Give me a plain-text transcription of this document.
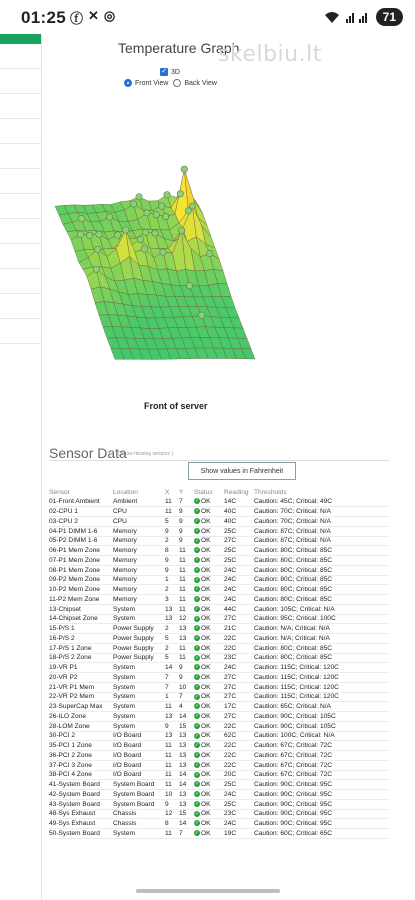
01:25 ⓕ ✕ ◎	71
Temperature Graph
skelbiu.lt
✓ 3D
Front View Back View
Front of server
Sensor Data
( show missing sensors )
Show values in Fahrenheit
Sensor	Location	X	Y	Status	Reading	Thresholds
01-Front Ambient	Ambient	11	7	✓ OK	14C	Caution: 45C; Critical: 49C
02-CPU 1	CPU	11	9	✓ OK	40C	Caution: 70C; Critical: N/A
03-CPU 2	CPU	5	9	✓ OK	40C	Caution: 70C; Critical: N/A
04-P1 DIMM 1-6	Memory	9	9	✓ OK	25C	Caution: 87C; Critical: N/A
05-P2 DIMM 1-6	Memory	2	9	✓ OK	27C	Caution: 87C; Critical: N/A
06-P1 Mem Zone	Memory	8	11	✓ OK	25C	Caution: 80C; Critical: 85C
07-P1 Mem Zone	Memory	9	11	✓ OK	25C	Caution: 80C; Critical: 85C
08-P1 Mem Zone	Memory	9	11	✓ OK	24C	Caution: 80C; Critical: 85C
09-P2 Mem Zone	Memory	1	11	✓ OK	24C	Caution: 80C; Critical: 85C
10-P2 Mem Zone	Memory	2	11	✓ OK	24C	Caution: 80C; Critical: 85C
11-P2 Mem Zone	Memory	3	11	✓ OK	24C	Caution: 80C; Critical: 85C
13-Chipset	System	13	11	✓ OK	44C	Caution: 105C; Critical: N/A
14-Chipset Zone	System	13	12	✓ OK	27C	Caution: 95C; Critical: 100C
15-P/S 1	Power Supply	2	13	✓ OK	21C	Caution: N/A; Critical: N/A
16-P/S 2	Power Supply	5	13	✓ OK	22C	Caution: N/A; Critical: N/A
17-P/S 1 Zone	Power Supply	2	11	✓ OK	22C	Caution: 80C; Critical: 85C
18-P/S 2 Zone	Power Supply	5	11	✓ OK	23C	Caution: 80C; Critical: 85C
19-VR P1	System	14	9	✓ OK	24C	Caution: 115C; Critical: 120C
20-VR P2	System	7	9	✓ OK	27C	Caution: 115C; Critical: 120C
21-VR P1 Mem	System	7	10	✓ OK	27C	Caution: 115C; Critical: 120C
22-VR P2 Mem	System	1	7	✓ OK	27C	Caution: 115C; Critical: 120C
23-SuperCap Max	System	11	4	✓ OK	17C	Caution: 65C; Critical: N/A
26-ILO Zone	System	13	14	✓ OK	27C	Caution: 90C; Critical: 105C
28-LOM Zone	System	9	15	✓ OK	22C	Caution: 90C; Critical: 105C
30-PCI 2	I/O Board	13	13	✓ OK	62C	Caution: 100C; Critical: N/A
35-PCI 1 Zone	I/O Board	11	13	✓ OK	22C	Caution: 67C; Critical: 72C
36-PCI 2 Zone	I/O Board	11	13	✓ OK	22C	Caution: 67C; Critical: 72C
37-PCI 3 Zone	I/O Board	11	13	✓ OK	22C	Caution: 67C; Critical: 72C
38-PCI 4 Zone	I/O Board	11	14	✓ OK	20C	Caution: 67C; Critical: 72C
41-System Board	System Board	11	14	✓ OK	25C	Caution: 90C; Critical: 95C
42-System Board	System Board	10	13	✓ OK	24C	Caution: 90C; Critical: 95C
43-System Board	System Board	9	13	✓ OK	25C	Caution: 90C; Critical: 95C
48-Sys Exhaust	Chassis	12	15	✓ OK	23C	Caution: 90C; Critical: 95C
49-Sys Exhaust	Chassis	8	14	✓ OK	24C	Caution: 90C; Critical: 95C
50-System Board	System	11	7	✓ OK	19C	Caution: 60C; Critical: 65C
